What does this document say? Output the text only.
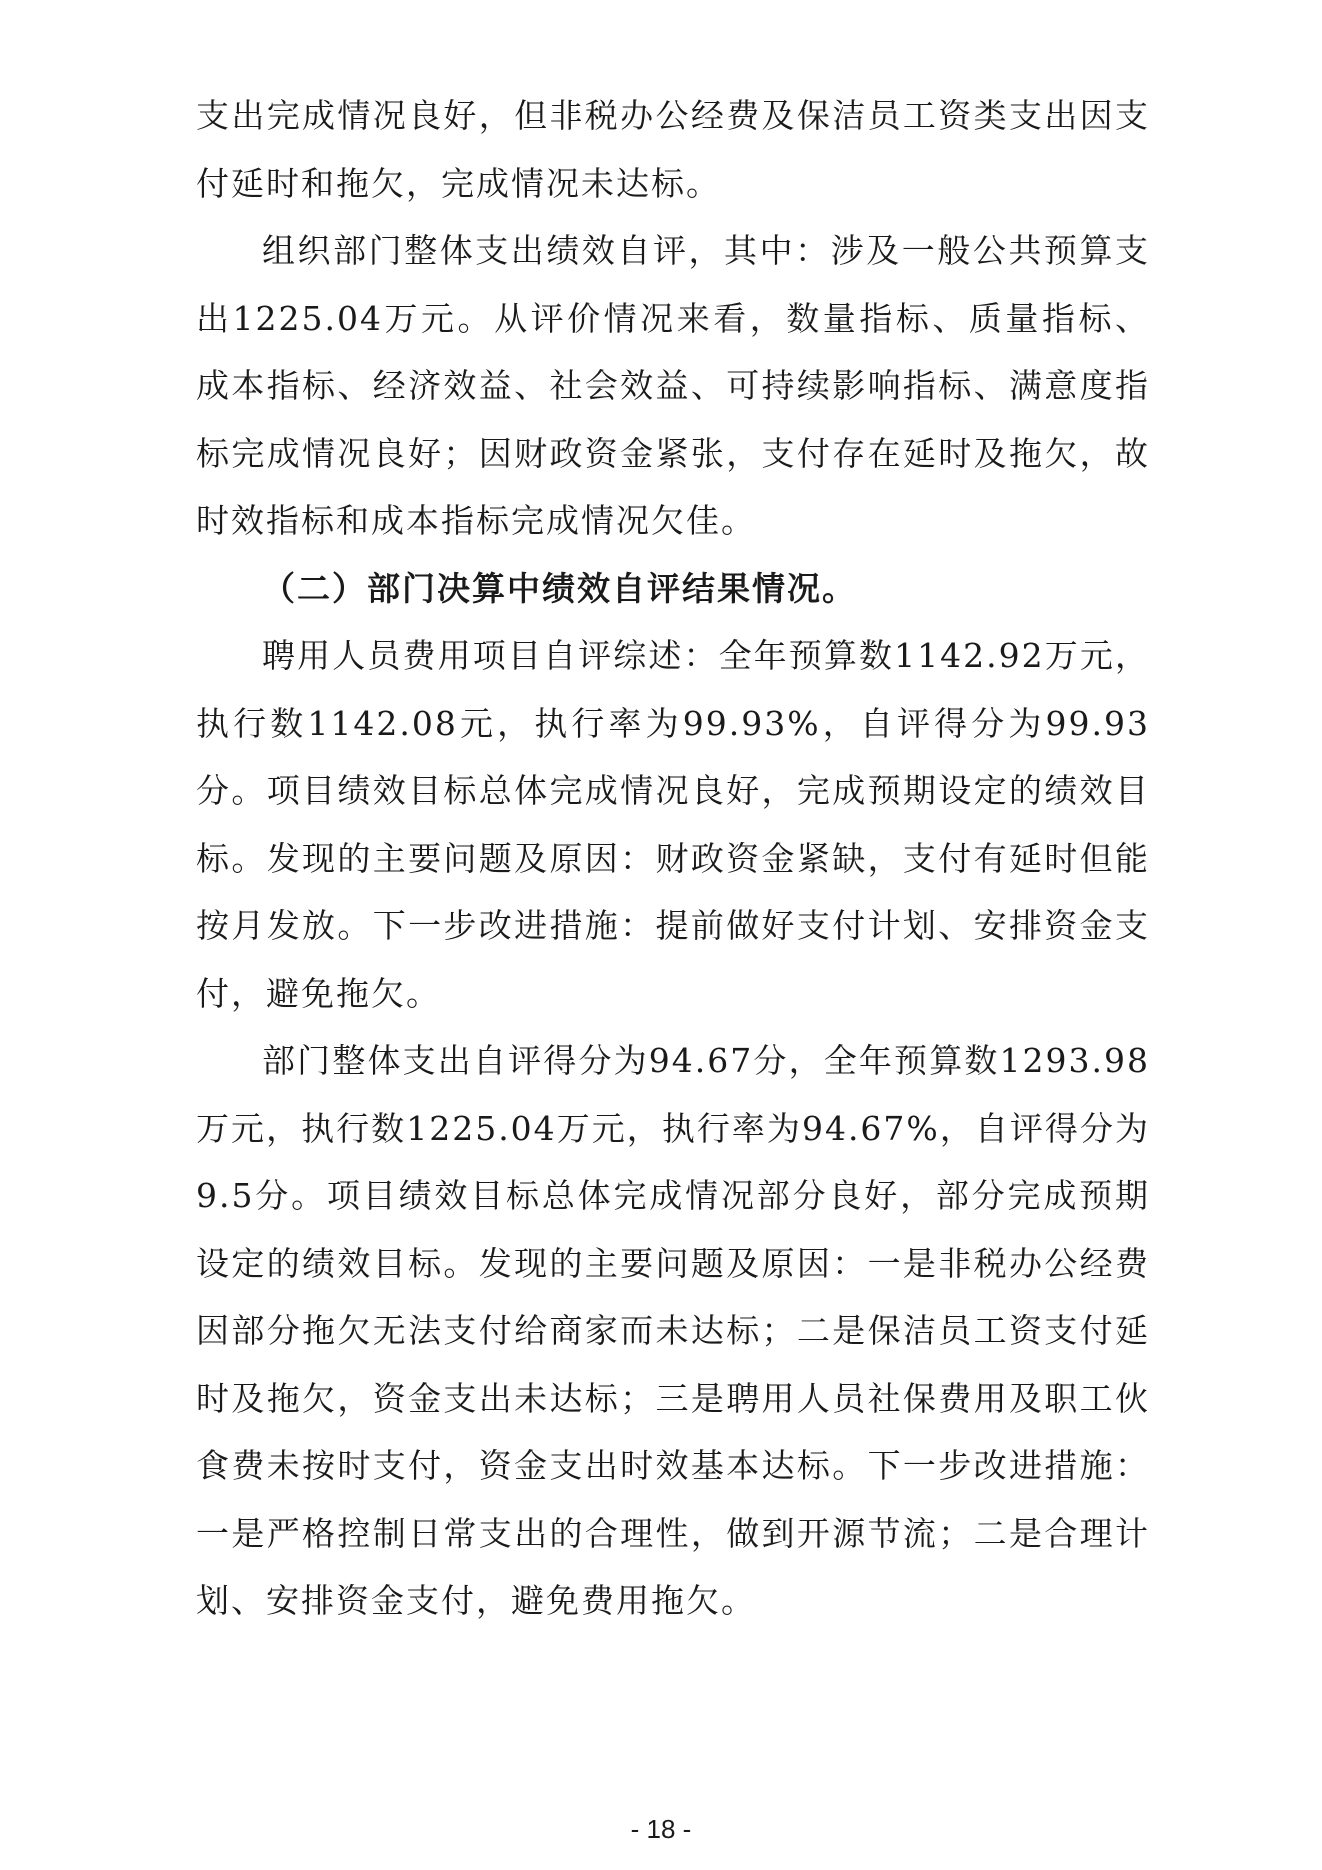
支出完成情况良好，但非税办公经费及保洁员工资类支出因支付延时和拖欠，完成情况未达标。

组织部门整体支出绩效自评，其中：涉及一般公共预算支出1225.04万元。从评价情况来看，数量指标、质量指标、成本指标、经济效益、社会效益、可持续影响指标、满意度指标完成情况良好；因财政资金紧张，支付存在延时及拖欠，故时效指标和成本指标完成情况欠佳。

（二）部门决算中绩效自评结果情况。

聘用人员费用项目自评综述：全年预算数1142.92万元，执行数1142.08元，执行率为99.93%，自评得分为99.93分。项目绩效目标总体完成情况良好，完成预期设定的绩效目标。发现的主要问题及原因：财政资金紧缺，支付有延时但能按月发放。下一步改进措施：提前做好支付计划、安排资金支付，避免拖欠。

部门整体支出自评得分为94.67分，全年预算数1293.98万元，执行数1225.04万元，执行率为94.67%，自评得分为9.5分。项目绩效目标总体完成情况部分良好，部分完成预期设定的绩效目标。发现的主要问题及原因：一是非税办公经费因部分拖欠无法支付给商家而未达标；二是保洁员工资支付延时及拖欠，资金支出未达标；三是聘用人员社保费用及职工伙食费未按时支付，资金支出时效基本达标。下一步改进措施：一是严格控制日常支出的合理性，做到开源节流；二是合理计划、安排资金支付，避免费用拖欠。

- 18 -
